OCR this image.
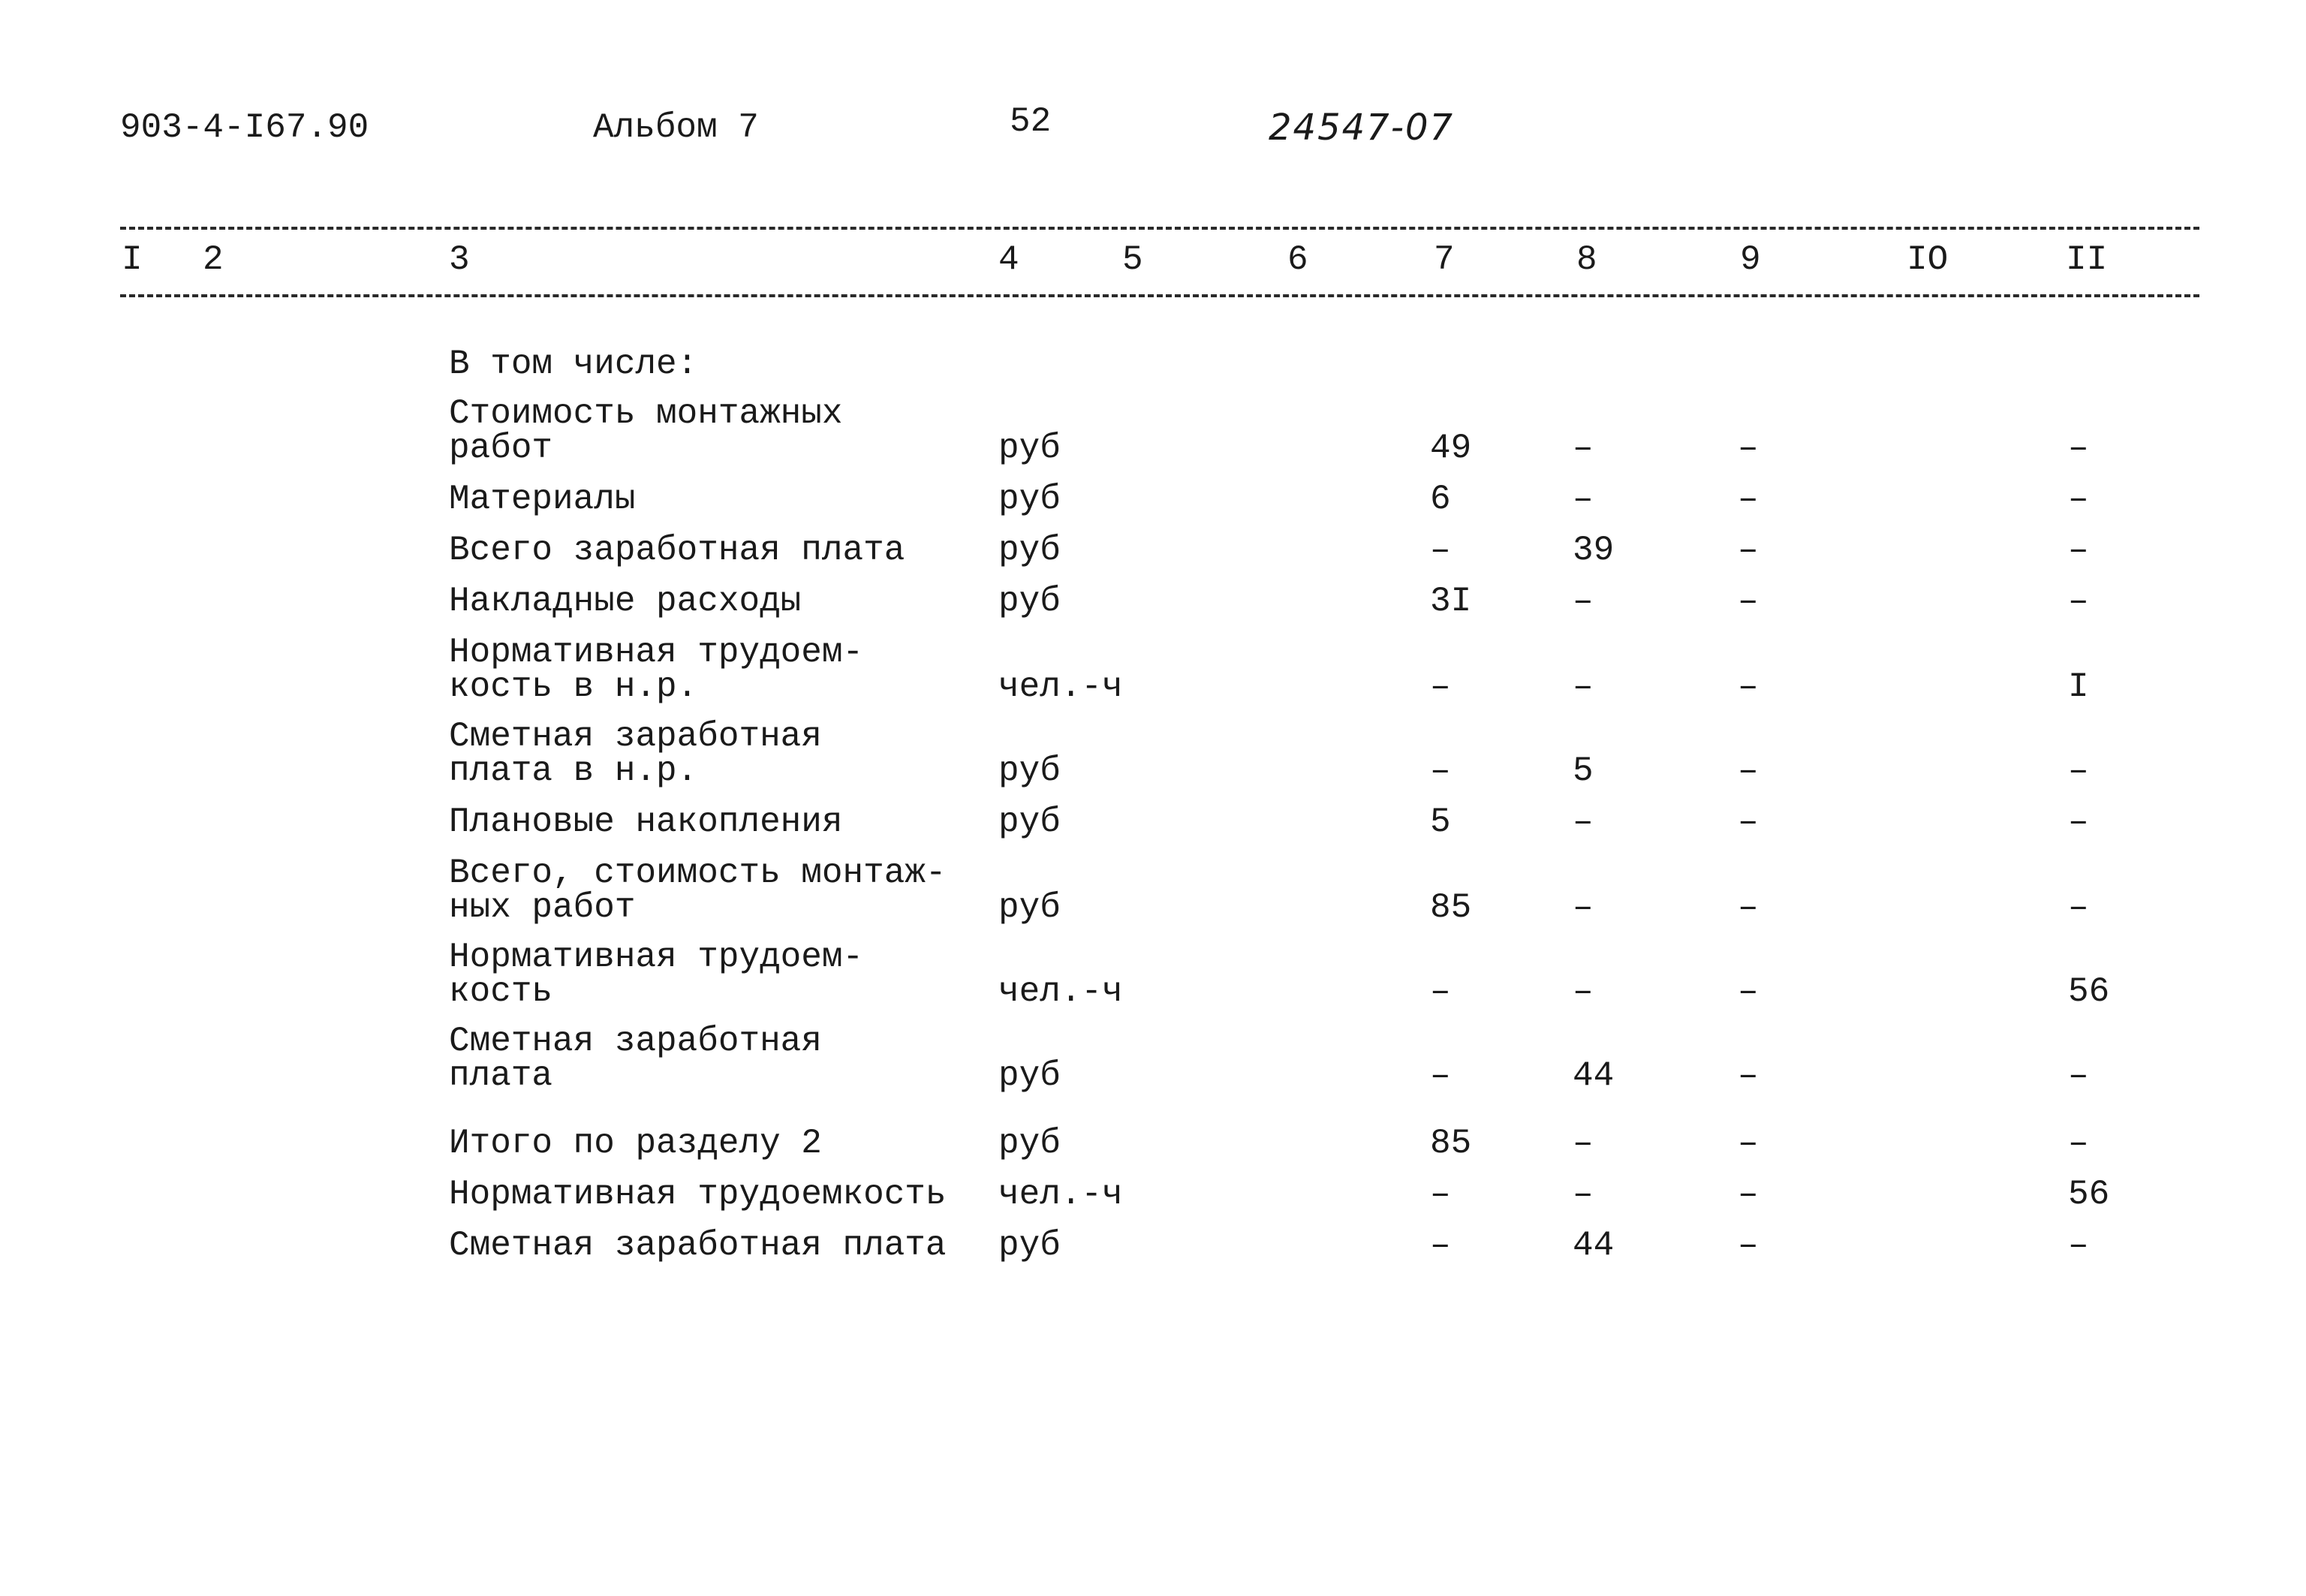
903-4-І67.90	Альбом 7	52	24547-07
I 2	3	4	5	6	7	8	9	IO	II
В том числе:
Стоимость монтажных
работ	руб	49	–	–	–
Материалы	руб	6	–	–	–
Всего заработная плата	руб	–	39	–	–
Накладные расходы	руб	3I	–	–	–
Нормативная трудоем-
кость в н.р.	чел.-ч	–	–	–	I
Сметная заработная
плата в н.р.	руб	–	5	–	–
Плановые накопления	руб	5	–	–	–
Всего, стоимость монтаж-
ных работ	руб	85	–	–	–
Нормативная трудоем-
кость	чел.-ч	–	–	–	56
Сметная заработная
плата	руб	–	44	–	–
Итого по разделу 2	руб	85	–	–	–
Нормативная трудоемкость чел.-ч	–	–	–	56
Сметная заработная плата руб	–	44	–	–
